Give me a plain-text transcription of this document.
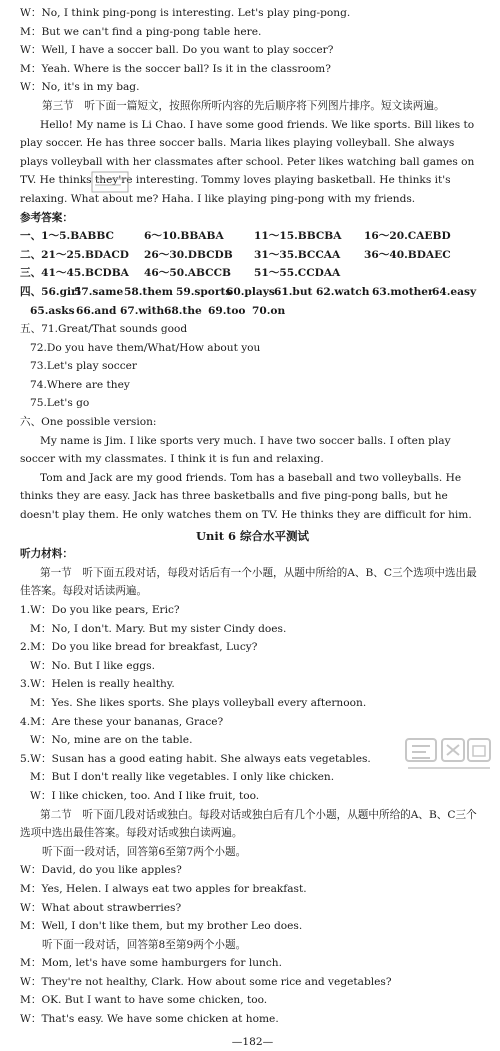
W：No, I think ping-pong is interesting. Let's play ping-pong.
M：But we can't find a ping-pong table here.
W：Well, I have a soccer ball. Do you want to play soccer?
M：Yeah. Where is the soccer ball? Is it in the classroom?
W：No, it's in my bag.
第三节　听下面一篇短文，按照你所听内容的先后顺序将下列图片排序。短文读两遍。
Hello! My name is Li Chao. I have some good friends. We like sports. Bill likes to play soccer. He has three soccer balls. Maria likes playing volleyball. She always plays volleyball with her classmates after school. Peter likes watching ball games on TV. He thinks they're interesting. Tommy loves playing basketball. He thinks it's relaxing. What about me? Haha. I like playing ping-pong with my friends.
参考答案：
一、1～5.BABBC	6～10.BBABA	11～15.BBCBA	16～20.CAEBD
二、21～25.BDACD	26～30.DBCDB	31～35.BCCAA	36～40.BDAEC
三、41～45.BCDBA	46～50.ABCCB	51～55.CCDAA
四、56.girl
57.same 58.them 59.sports
60.plays 61.but 62.watch 63.mother
64.easy
65.asks 66.and 67.with 68.the 69.too 70.on
五、71.Great/That sounds good
72.Do you have them/What/How about you
73.Let's play soccer
74.Where are they
75.Let's go
六、One possible version:
My name is Jim. I like sports very much. I have two soccer balls. I often play soccer with my classmates. I think it is fun and relaxing.
Tom and Jack are my good friends. Tom has a baseball and two volleyballs. He thinks they are easy. Jack has three basketballs and five ping-pong balls, but he doesn't play them. He only watches them on TV. He thinks they are difficult for him.
Unit 6 综合水平测试
听力材料：
第一节　听下面五段对话，每段对话后有一个小题，从题中所给的A、B、C三个选项中选出最佳答案。每段对话读两遍。
1.W：Do you like pears, Eric?
M：No, I don't. Mary. But my sister Cindy does.
2.M：Do you like bread for breakfast, Lucy?
W：No. But I like eggs.
3.W：Helen is really healthy.
M：Yes. She likes sports. She plays volleyball every afternoon.
4.M：Are these your bananas, Grace?
W：No, mine are on the table.
5.W：Susan has a good eating habit. She always eats vegetables.
M：But I don't really like vegetables. I only like chicken.
W：I like chicken, too. And I like fruit, too.
第二节　听下面几段对话或独白。每段对话或独白后有几个小题，从题中所给的A、B、C三个选项中选出最佳答案。每段对话或独白读两遍。
听下面一段对话，回答第6至第7两个小题。
W：David, do you like apples?
M：Yes, Helen. I always eat two apples for breakfast.
W：What about strawberries?
M：Well, I don't like them, but my brother Leo does.
听下面一段对话，回答第8至第9两个小题。
M：Mom, let's have some hamburgers for lunch.
W：They're not healthy, Clark. How about some rice and vegetables?
M：OK. But I want to have some chicken, too.
W：That's easy. We have some chicken at home.
—182—
